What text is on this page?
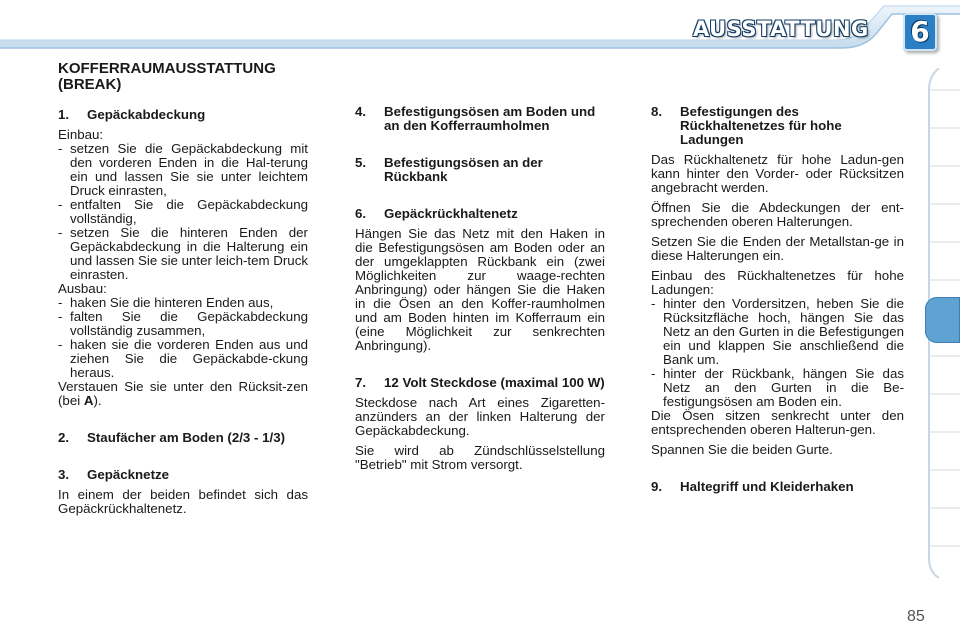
AUSSTATTUNG 6
KOFFERRAUMAUSSTATTUNG (BREAK)
1.	Gepäckabdeckung

Einbau:

- setzen Sie die Gepäckabdeckung mit den vorderen Enden in die Hal-terung ein und lassen Sie sie unter leichtem Druck einrasten,
- entfalten Sie die Gepäckabdeckung vollständig,
- setzen Sie die hinteren Enden der Gepäckabdeckung in die Halterung ein und lassen Sie sie unter leich-tem Druck einrasten.

Ausbau:

- haken Sie die hinteren Enden aus,
- falten Sie die Gepäckabdeckung vollständig zusammen,
- haken sie die vorderen Enden aus und ziehen Sie die Gepäckabde-ckung heraus.

Verstauen Sie sie unter den Rücksit-zen (bei A).

2.	Staufächer am Boden (2/3 - 1/3)
3.	Gepäcknetze

In einem der beiden befindet sich das Gepäckrückhaltenetz.

4.	Befestigungsösen am Boden und an den Kofferraumholmen
5.	Befestigungsösen an der Rückbank
6.	Gepäckrückhaltenetz

Hängen Sie das Netz mit den Haken in die Befestigungsösen am Boden oder an der umgeklappten Rückbank ein (zwei Möglichkeiten zur waage-rechten Anbringung) oder hängen Sie die Haken in die Ösen an den Koffer-raumholmen und am Boden hinten im Kofferraum ein (eine Möglichkeit zur senkrechten Anbringung).

7.	12 Volt Steckdose (maximal 100 W)

Steckdose nach Art eines Zigaretten-anzünders an der linken Halterung der Gepäckabdeckung.

Sie wird ab Zündschlüsselstellung "Betrieb" mit Strom versorgt.

8.	Befestigungen des Rückhaltenetzes für hohe Ladungen

Das Rückhaltenetz für hohe Ladun-gen kann hinter den Vorder- oder Rücksitzen angebracht werden.

Öffnen Sie die Abdeckungen der ent-sprechenden oberen Halterungen.

Setzen Sie die Enden der Metallstan-ge in diese Halterungen ein.

Einbau des Rückhaltenetzes für hohe Ladungen:

- hinter den Vordersitzen, heben Sie die Rücksitzfläche hoch, hängen Sie das Netz an den Gurten in die Befestigungen ein und klappen Sie anschließend die Bank um.
- hinter der Rückbank, hängen Sie das Netz an den Gurten in die Be-festigungsösen am Boden ein.

Die Ösen sitzen senkrecht unter den entsprechenden oberen Halterun-gen.

Spannen Sie die beiden Gurte.

9.	Haltegriff und Kleiderhaken
85
